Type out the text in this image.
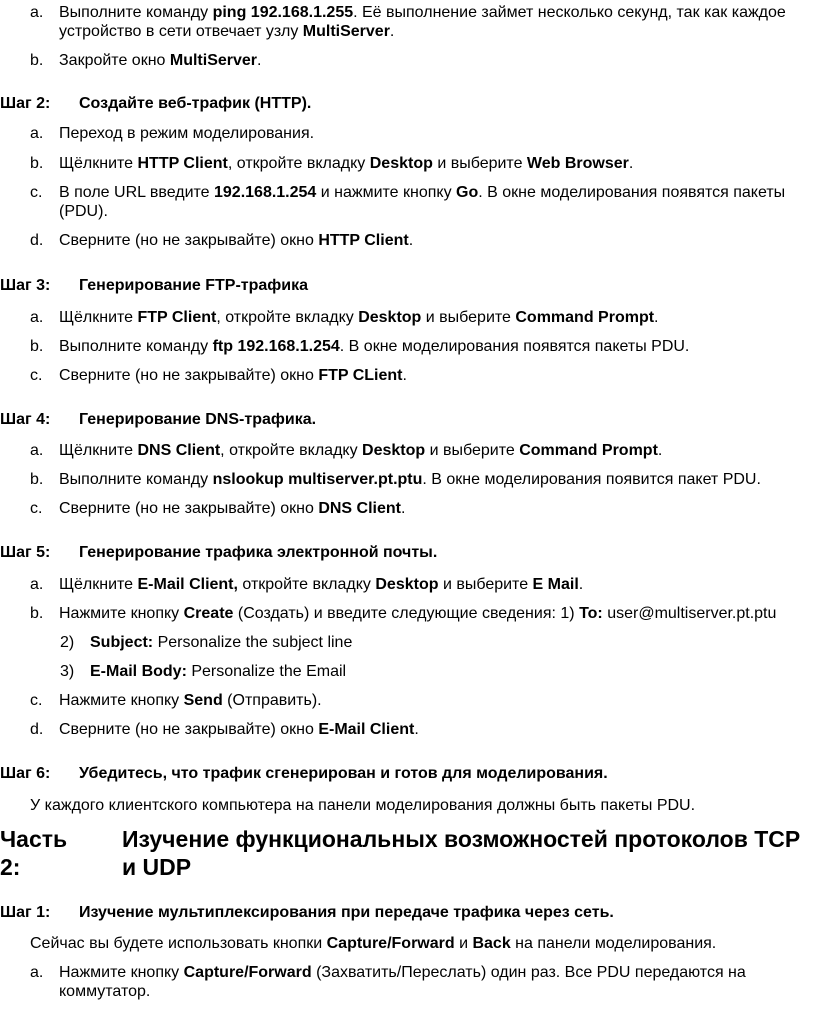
a. Выполните команду ping 192.168.1.255. Её выполнение займет несколько секунд, так как каждое устройство в сети отвечает узлу MultiServer.
b. Закройте окно MultiServer.
Шаг 2: Создайте веб-трафик (HTTP).
a. Переход в режим моделирования.
b. Щёлкните HTTP Client, откройте вкладку Desktop и выберите Web Browser.
c. В поле URL введите 192.168.1.254 и нажмите кнопку Go. В окне моделирования появятся пакеты (PDU).
d. Сверните (но не закрывайте) окно HTTP Client.
Шаг 3: Генерирование FTP-трафика
a. Щёлкните FTP Client, откройте вкладку Desktop и выберите Command Prompt.
b. Выполните команду ftp 192.168.1.254. В окне моделирования появятся пакеты PDU.
c. Сверните (но не закрывайте) окно FTP CLient.
Шаг 4: Генерирование DNS-трафика.
a. Щёлкните DNS Client, откройте вкладку Desktop и выберите Command Prompt.
b. Выполните команду nslookup multiserver.pt.ptu. В окне моделирования появится пакет PDU.
c. Сверните (но не закрывайте) окно DNS Client.
Шаг 5: Генерирование трафика электронной почты.
a. Щёлкните E-Mail Client, откройте вкладку Desktop и выберите E Mail.
b. Нажмите кнопку Create (Создать) и введите следующие сведения: 1) To: user@multiserver.pt.ptu
2) Subject: Personalize the subject line
3) E-Mail Body: Personalize the Email
c. Нажмите кнопку Send (Отправить).
d. Сверните (но не закрывайте) окно E-Mail Client.
Шаг 6: Убедитесь, что трафик сгенерирован и готов для моделирования.
У каждого клиентского компьютера на панели моделирования должны быть пакеты PDU.
Часть 2:
Изучение функциональных возможностей протоколов TCP и UDP
Шаг 1: Изучение мультиплексирования при передаче трафика через сеть.
Сейчас вы будете использовать кнопки Capture/Forward и Back на панели моделирования.
a. Нажмите кнопку Capture/Forward (Захватить/Переслать) один раз. Все PDU передаются на коммутатор.
